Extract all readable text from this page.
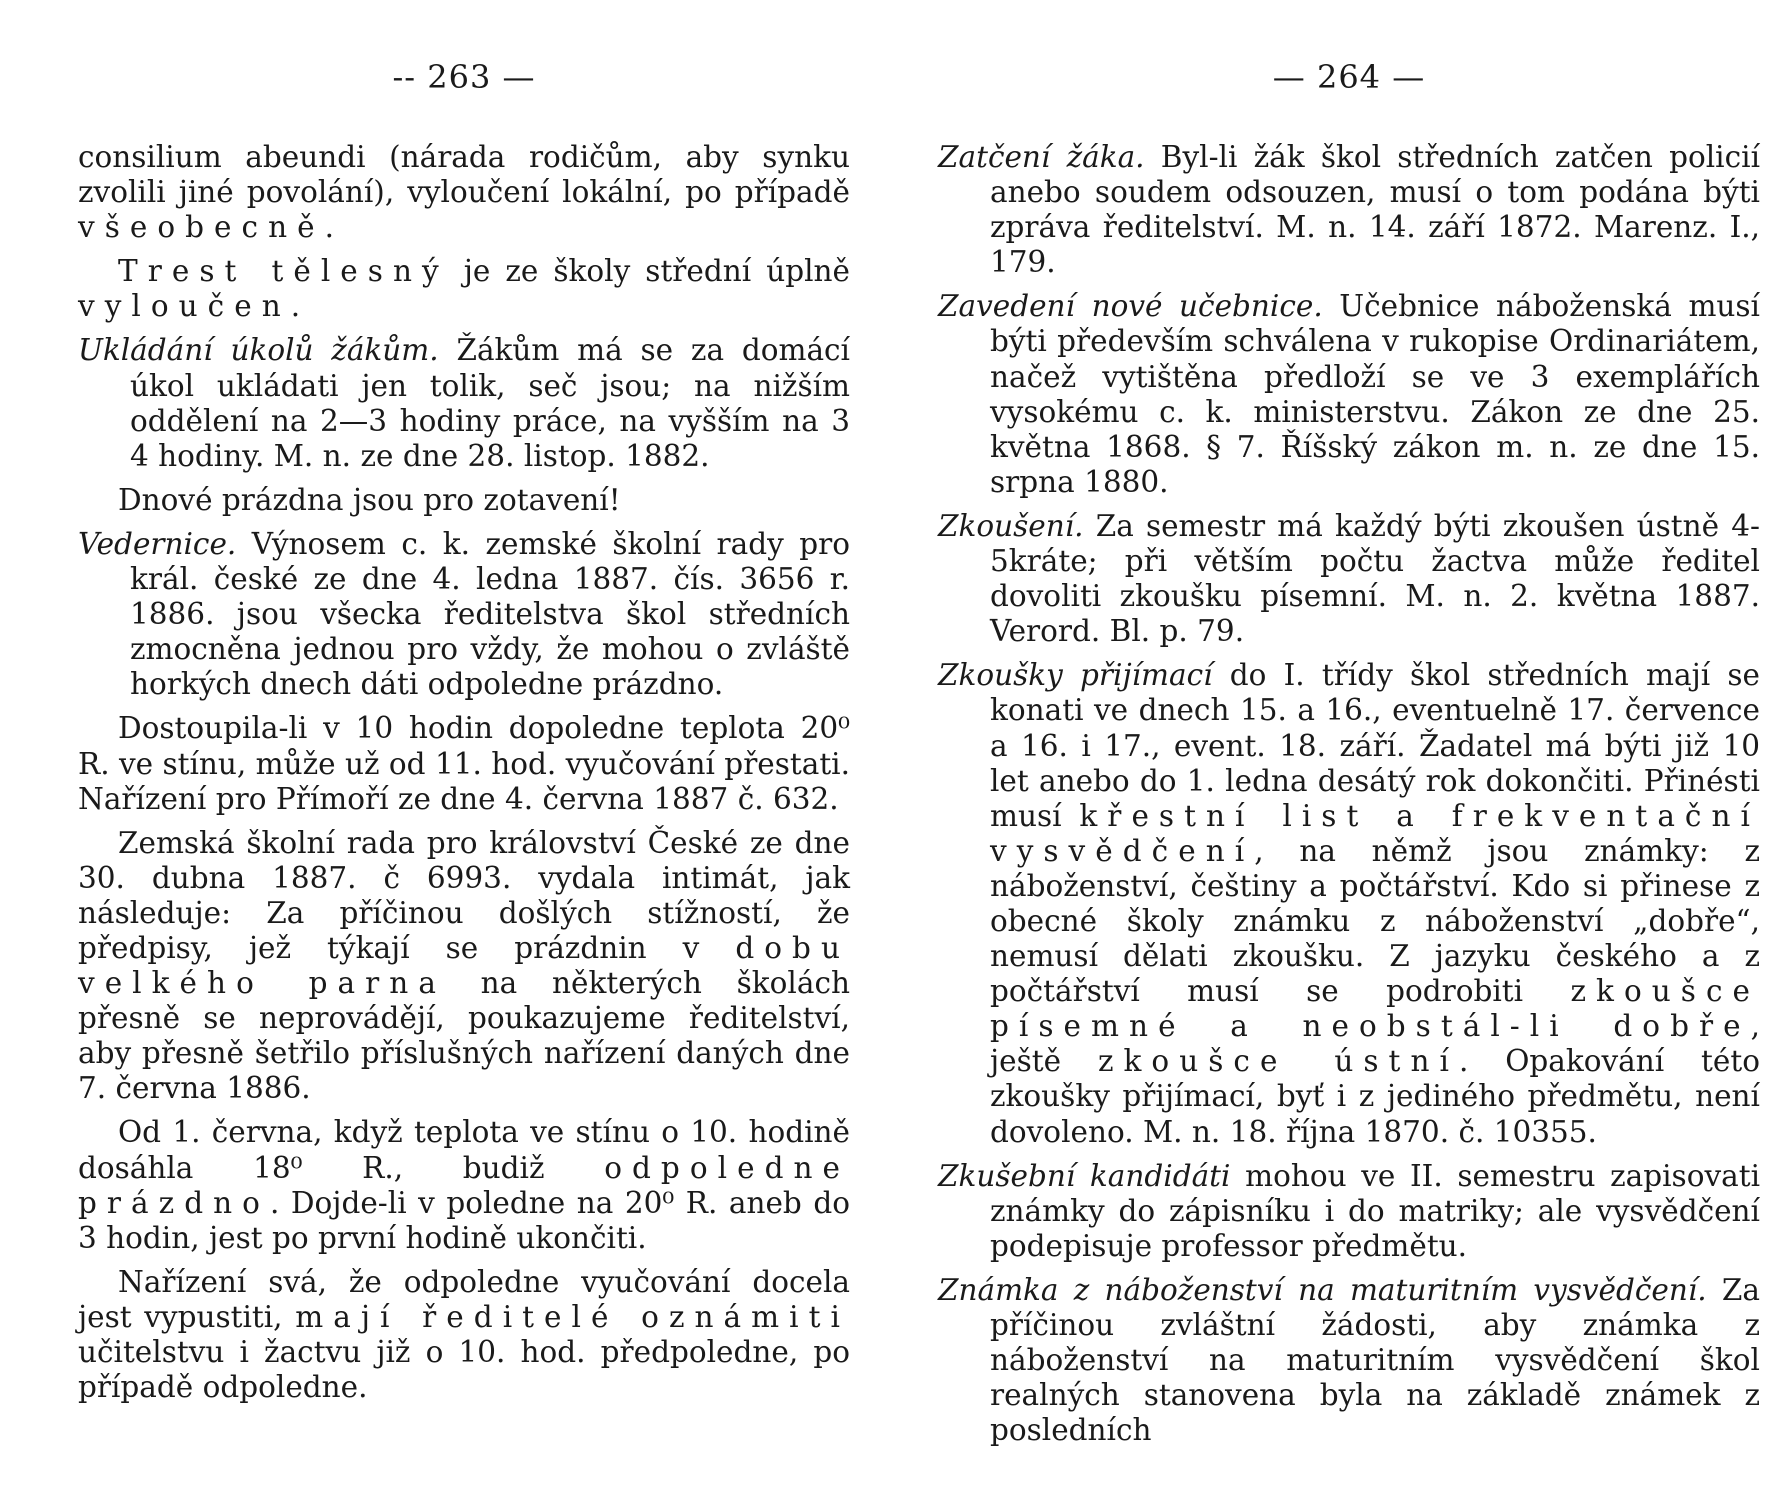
-- 263 —

consilium abeundi (nárada rodičům, aby synku zvolili jiné povolání), vyloučení lokální, po případě všeobecně.

Trest tělesný je ze školy střední úplně vyloučen.

Ukládání úkolů žákům. Žákům má se za domácí úkol ukládati jen tolik, seč jsou; na nižším oddělení na 2—3 hodiny práce, na vyšším na 3 4 hodiny. M. n. ze dne 28. listop. 1882.

Dnové prázdna jsou pro zotavení!

Vedernice. Výnosem c. k. zemské školní rady pro král. české ze dne 4. ledna 1887. čís. 3656 r. 1886. jsou všecka ředitelstva škol středních zmocněna jednou pro vždy, že mohou o zvláště horkých dnech dáti odpoledne prázdno.

Dostoupila-li v 10 hodin dopoledne teplota 20⁰ R. ve stínu, může už od 11. hod. vyučování přestati. Nařízení pro Přímoří ze dne 4. června 1887 č. 632.

Zemská školní rada pro království České ze dne 30. dubna 1887. č 6993. vydala intimát, jak následuje: Za příčinou došlých stížností, že předpisy, jež týkají se prázdnin v dobu velkého parna na některých školách přesně se neprovádějí, poukazujeme ředitelství, aby přesně šetřilo příslušných nařízení daných dne 7. června 1886.

Od 1. června, když teplota ve stínu o 10. hodině dosáhla 18⁰ R., budiž odpoledne prázdno. Dojde-li v poledne na 20⁰ R. aneb do 3 hodin, jest po první hodině ukončiti.

Nařízení svá, že odpoledne vyučování docela jest vypustiti, mají ředitelé oznámiti učitelstvu i žactvu již o 10. hod. předpoledne, po případě odpoledne.

— 264 —

Zatčení žáka. Byl-li žák škol středních zatčen policií anebo soudem odsouzen, musí o tom podána býti zpráva ředitelství. M. n. 14. září 1872. Marenz. I., 179.

Zavedení nové učebnice. Učebnice náboženská musí býti především schválena v rukopise Ordinariátem, načež vytištěna předloží se ve 3 exemplářích vysokému c. k. ministerstvu. Zákon ze dne 25. května 1868. § 7. Říšský zákon m. n. ze dne 15. srpna 1880.

Zkoušení. Za semestr má každý býti zkoušen ústně 4-5kráte; při větším počtu žactva může ředitel dovoliti zkoušku písemní. M. n. 2. května 1887. Verord. Bl. p. 79.

Zkoušky přijímací do I. třídy škol středních mají se konati ve dnech 15. a 16., eventuelně 17. července a 16. i 17., event. 18. září. Žadatel má býti již 10 let anebo do 1. ledna desátý rok dokončiti. Přinésti musí křestní list a frekventační vysvědčení, na němž jsou známky: z náboženství, češtiny a počtářství. Kdo si přinese z obecné školy známku z náboženství „dobře“, nemusí dělati zkoušku. Z jazyku českého a z počtářství musí se podrobiti zkoušce písemné a neobstál-li dobře, ještě zkoušce ústní. Opakování této zkoušky přijímací, byť i z jediného předmětu, není dovoleno. M. n. 18. října 1870. č. 10355.

Zkušební kandidáti mohou ve II. semestru zapisovati známky do zápisníku i do matriky; ale vysvědčení podepisuje professor předmětu.

Známka z náboženství na maturitním vysvědčení. Za příčinou zvláštní žádosti, aby známka z náboženství na maturitním vysvědčení škol realných stanovena byla na základě známek z posledních
